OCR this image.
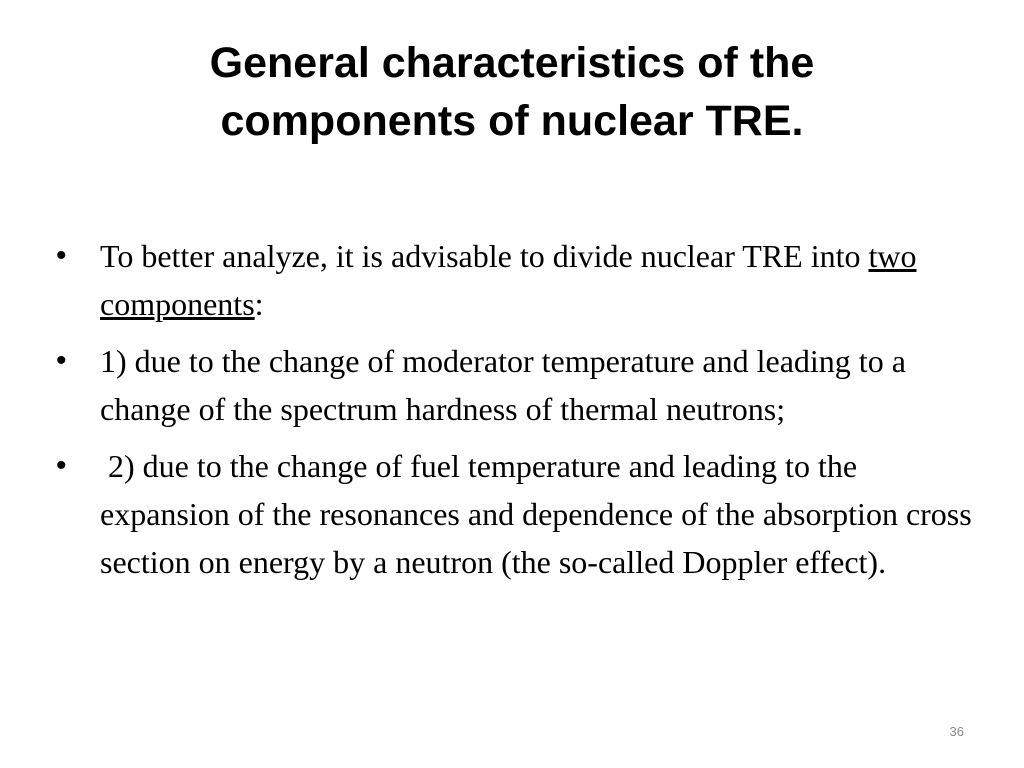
General characteristics of the
components of nuclear TRE.
• To better analyze, it is advisable to divide nuclear TRE into two components:
• 1) due to the change of moderator temperature and leading to a change of the spectrum hardness of thermal neutrons;
• 2) due to the change of fuel temperature and leading to the expansion of the resonances and dependence of the absorption cross section on energy by a neutron (the so-called Doppler effect).
36
